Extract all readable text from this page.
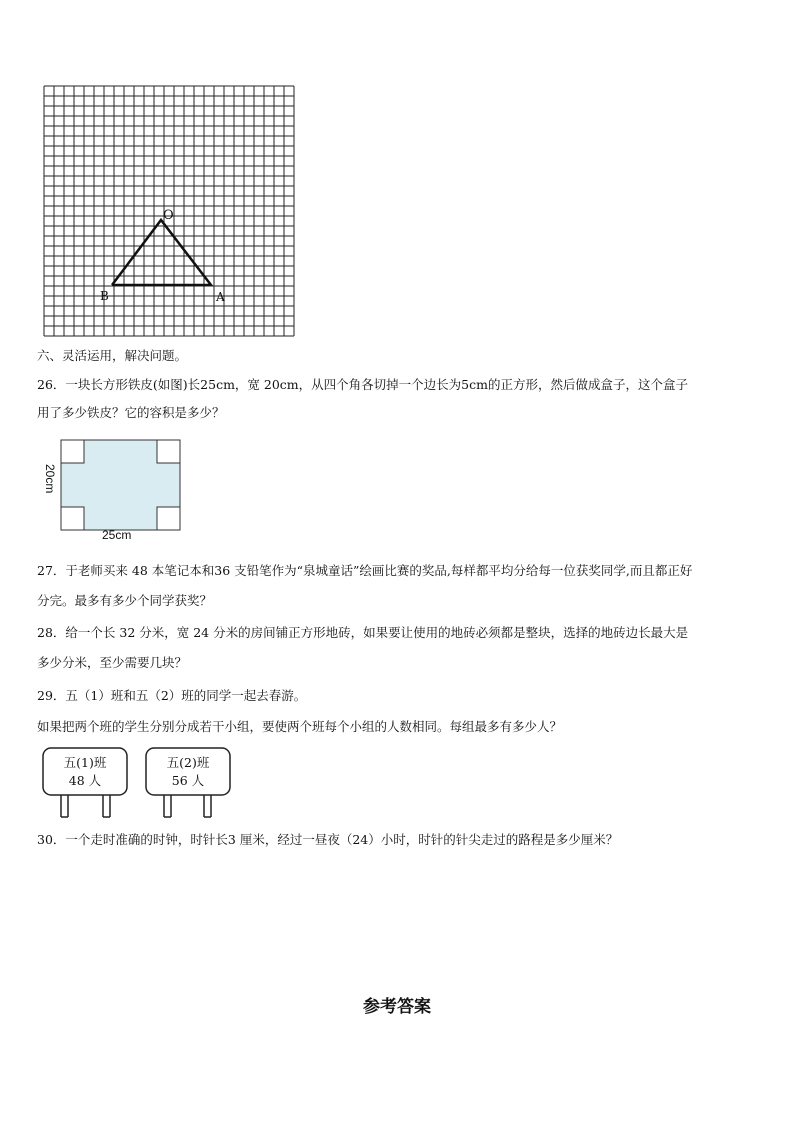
O
B	A
六、灵活运用，解决问题。
26．一块长方形铁皮(如图)长25cm，宽 20cm，从四个角各切掉一个边长为5cm的正方形，然后做成盒子，这个盒子
用了多少铁皮？它的容积是多少？
20cm
25cm
27．于老师买来 48 本笔记本和36 支铅笔作为“泉城童话”绘画比赛的奖品,每样都平均分给每一位获奖同学,而且都正好
分完。最多有多少个同学获奖？
28．给一个长 32 分米，宽 24 分米的房间铺正方形地砖，如果要让使用的地砖必须都是整块，选择的地砖边长最大是
多少分米，至少需要几块？
29．五（1）班和五（2）班的同学一起去春游。
如果把两个班的学生分别分成若干小组，要使两个班每个小组的人数相同。每组最多有多少人？
五(1)班
48 人
五(2)班
56 人
30．一个走时准确的时钟，时针长3 厘米，经过一昼夜（24）小时，时针的针尖走过的路程是多少厘米？
参考答案
